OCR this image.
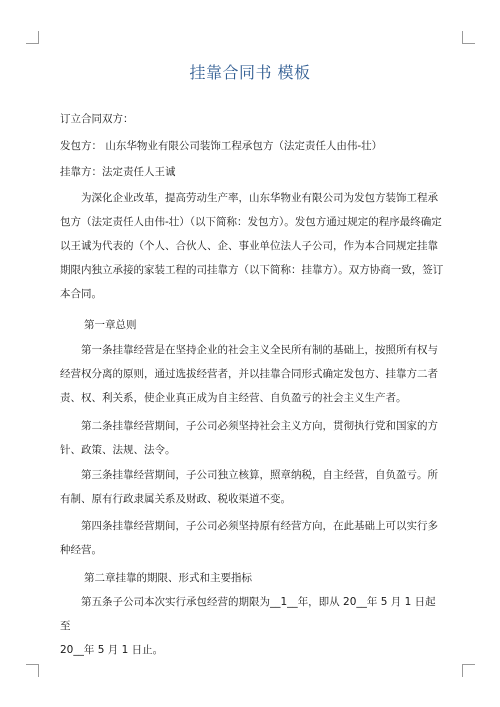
挂靠合同书 模板

订立合同双方：

发包方： 山东华物业有限公司装饰工程承包方（法定责任人由伟-壮）

挂靠方：法定责任人王诚

为深化企业改革，提高劳动生产率，山东华物业有限公司为发包方装饰工程承包方（法定责任人由伟-壮）（以下简称：发包方）。发包方通过规定的程序最终确定以王诚为代表的（个人、合伙人、企、事业单位法人子公司，作为本合同规定挂靠期限内独立承接的家装工程的司挂靠方（以下简称：挂靠方）。双方协商一致，签订本合同。

第一章总则

第一条挂靠经营是在坚持企业的社会主义全民所有制的基础上，按照所有权与经营权分离的原则，通过选拔经营者，并以挂靠合同形式确定发包方、挂靠方二者责、权、利关系，使企业真正成为自主经营、自负盈亏的社会主义生产者。

第二条挂靠经营期间，子公司必须坚持社会主义方向，贯彻执行党和国家的方针、政策、法规、法令。

第三条挂靠经营期间，子公司独立核算，照章纳税，自主经营，自负盈亏。所有制、原有行政隶属关系及财政、税收渠道不变。

第四条挂靠经营期间，子公司必须坚持原有经营方向，在此基础上可以实行多种经营。

第二章挂靠的期限、形式和主要指标

第五条子公司本次实行承包经营的期限为__1__年，即从 20__年 5 月 1 日起至
20__年 5 月 1 日止。
